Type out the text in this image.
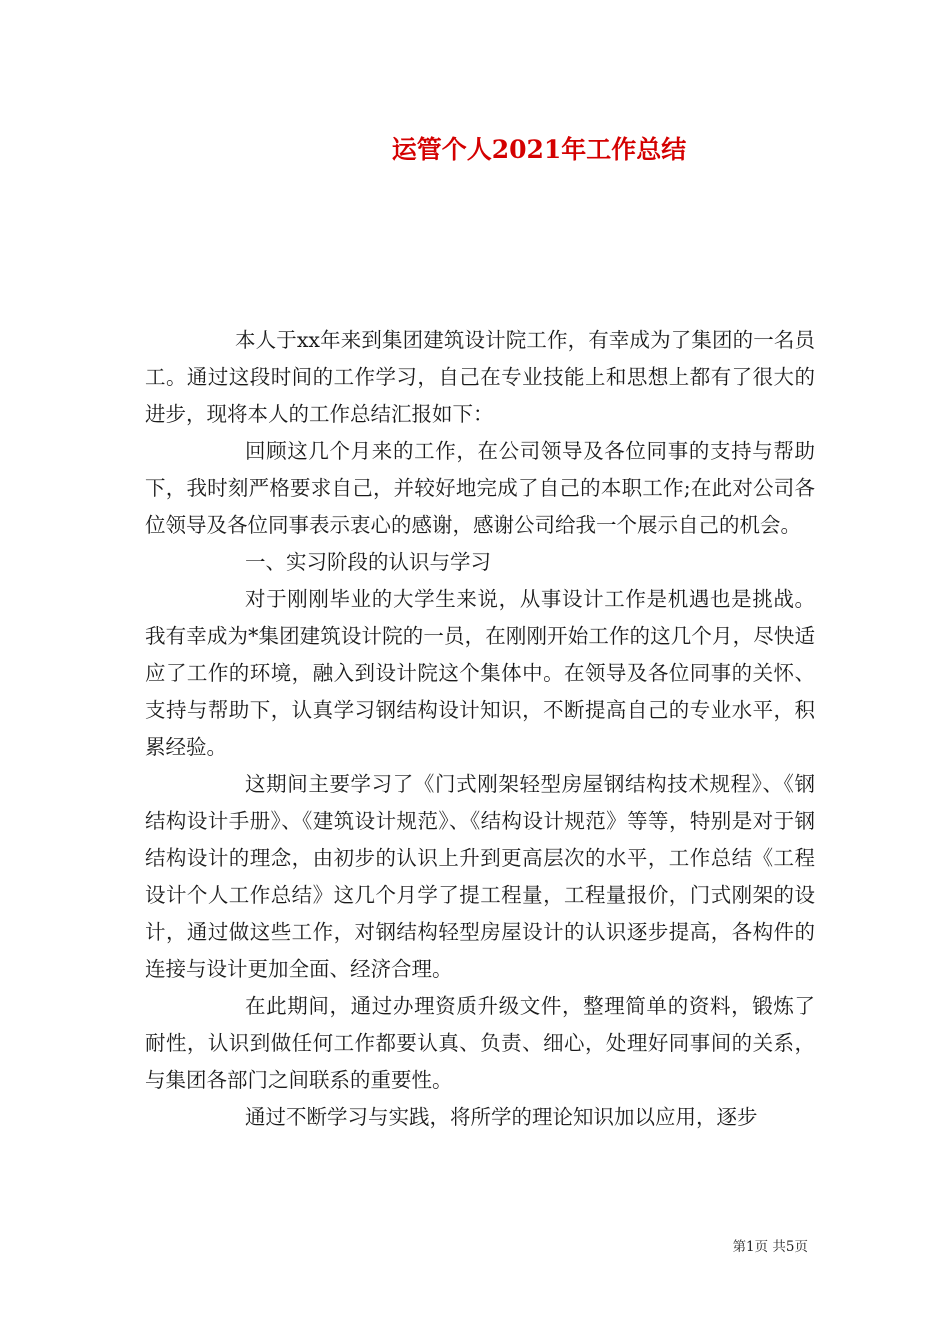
运管个人2021年工作总结

本人于xx年来到集团建筑设计院工作，有幸成为了集团的一名员工。通过这段时间的工作学习，自己在专业技能上和思想上都有了很大的进步，现将本人的工作总结汇报如下：

回顾这几个月来的工作，在公司领导及各位同事的支持与帮助下，我时刻严格要求自己，并较好地完成了自己的本职工作;在此对公司各位领导及各位同事表示衷心的感谢，感谢公司给我一个展示自己的机会。

一、实习阶段的认识与学习

对于刚刚毕业的大学生来说，从事设计工作是机遇也是挑战。我有幸成为*集团建筑设计院的一员，在刚刚开始工作的这几个月，尽快适应了工作的环境，融入到设计院这个集体中。在领导及各位同事的关怀、支持与帮助下，认真学习钢结构设计知识，不断提高自己的专业水平，积累经验。

这期间主要学习了《门式刚架轻型房屋钢结构技术规程》、《钢结构设计手册》、《建筑设计规范》、《结构设计规范》等等，特别是对于钢结构设计的理念，由初步的认识上升到更高层次的水平，工作总结《工程设计个人工作总结》这几个月学了提工程量，工程量报价，门式刚架的设计，通过做这些工作，对钢结构轻型房屋设计的认识逐步提高，各构件的连接与设计更加全面、经济合理。

在此期间，通过办理资质升级文件，整理简单的资料，锻炼了耐性，认识到做任何工作都要认真、负责、细心，处理好同事间的关系，与集团各部门之间联系的重要性。

通过不断学习与实践，将所学的理论知识加以应用，逐步

第1页 共5页
